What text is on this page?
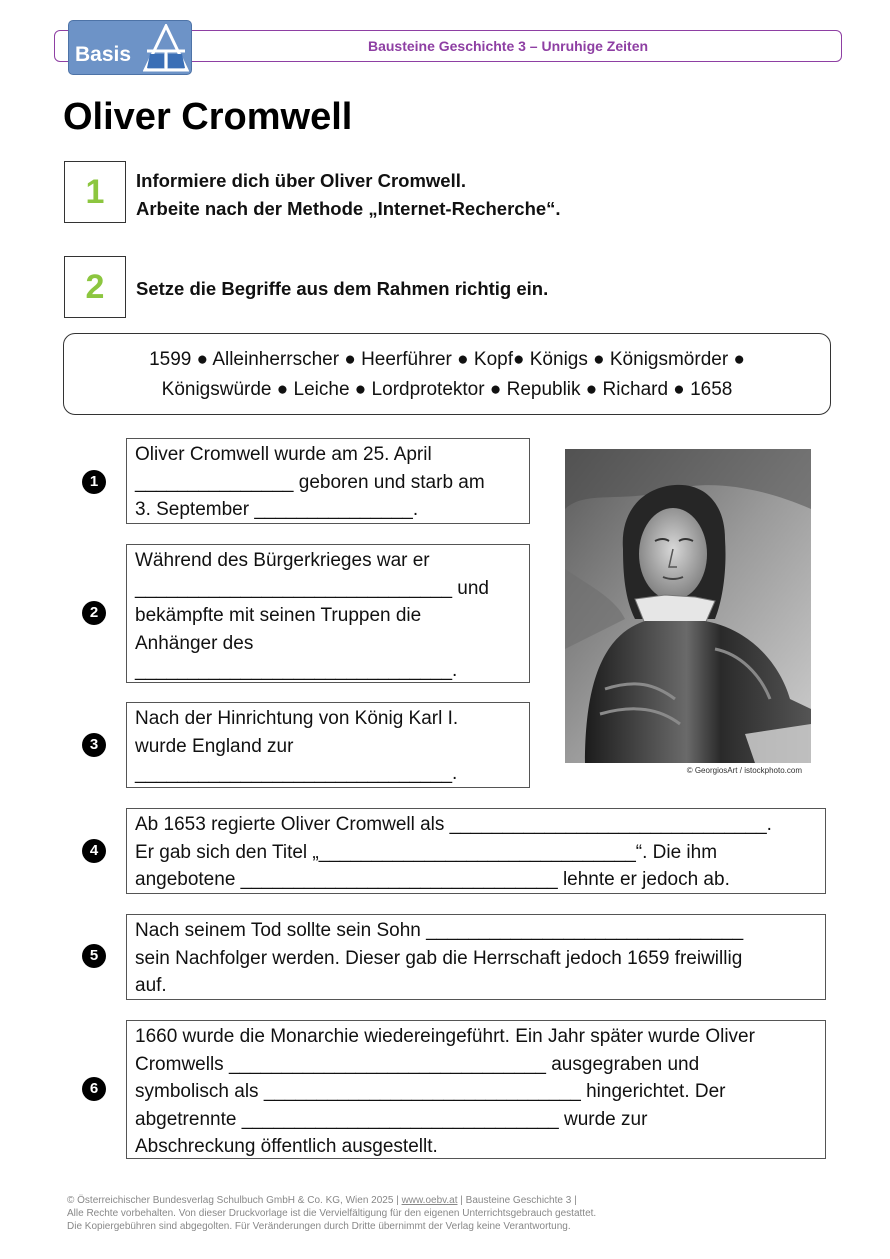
Bausteine Geschichte 3 – Unruhige Zeiten
Basis
Oliver Cromwell
1	Informiere dich über Oliver Cromwell.
Arbeite nach der Methode „Internet-Recherche“.
2	Setze die Begriffe aus dem Rahmen richtig ein.
1599 ● Alleinherrscher ● Heerführer ● Kopf● Königs ● Königsmörder ●
Königswürde ● Leiche ● Lordprotektor ● Republik ● Richard ● 1658
1

Oliver Cromwell wurde am 25. April

_______________ geboren und starb am

3. September _______________.

2

Während des Bürgerkrieges war er

______________________________ und

bekämpfte mit seinen Truppen die

Anhänger des

______________________________.

3

Nach der Hinrichtung von König Karl I.

wurde England zur

______________________________.	© GeorgiosArt / istockphoto.com
4

Ab 1653 regierte Oliver Cromwell als ______________________________.

Er gab sich den Titel „______________________________“. Die ihm

angebotene ______________________________ lehnte er jedoch ab.

5

Nach seinem Tod sollte sein Sohn ______________________________

sein Nachfolger werden. Dieser gab die Herrschaft jedoch 1659 freiwillig

auf.

6

1660 wurde die Monarchie wiedereingeführt. Ein Jahr später wurde Oliver

Cromwells ______________________________ ausgegraben und

symbolisch als ______________________________ hingerichtet. Der

abgetrennte ______________________________ wurde zur

Abschreckung öffentlich ausgestellt.

© Österreichischer Bundesverlag Schulbuch GmbH & Co. KG, Wien 2025 | www.oebv.at | Bausteine Geschichte 3 |

Alle Rechte vorbehalten. Von dieser Druckvorlage ist die Vervielfältigung für den eigenen Unterrichtsgebrauch gestattet.

Die Kopiergebühren sind abgegolten. Für Veränderungen durch Dritte übernimmt der Verlag keine Verantwortung.
